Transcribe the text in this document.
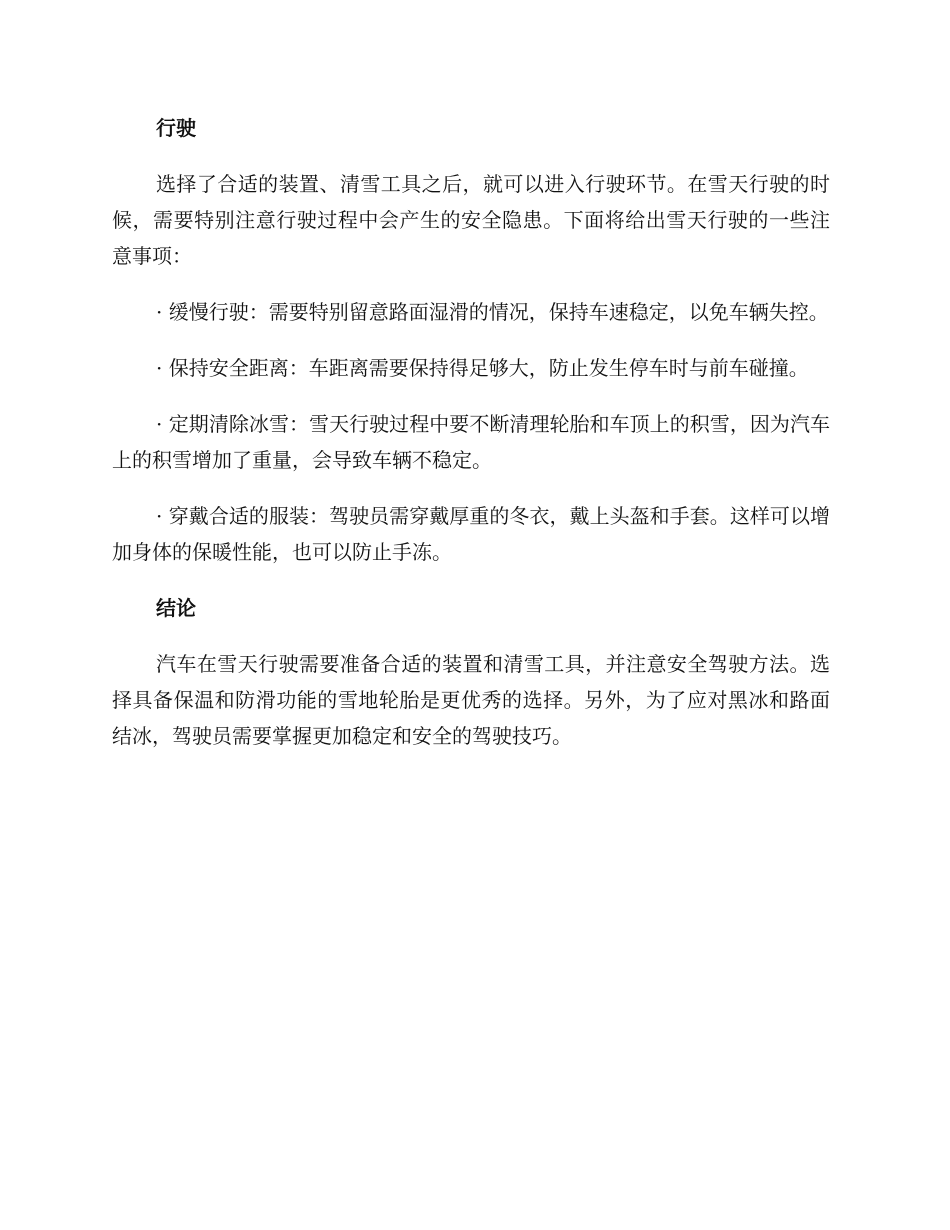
行驶

选择了合适的装置、清雪工具之后，就可以进入行驶环节。在雪天行驶的时候，需要特别注意行驶过程中会产生的安全隐患。下面将给出雪天行驶的一些注意事项：

· 缓慢行驶：需要特别留意路面湿滑的情况，保持车速稳定，以免车辆失控。

· 保持安全距离：车距离需要保持得足够大，防止发生停车时与前车碰撞。

· 定期清除冰雪：雪天行驶过程中要不断清理轮胎和车顶上的积雪，因为汽车上的积雪增加了重量，会导致车辆不稳定。

· 穿戴合适的服装：驾驶员需穿戴厚重的冬衣，戴上头盔和手套。这样可以增加身体的保暖性能，也可以防止手冻。

结论

汽车在雪天行驶需要准备合适的装置和清雪工具，并注意安全驾驶方法。选择具备保温和防滑功能的雪地轮胎是更优秀的选择。另外，为了应对黑冰和路面结冰，驾驶员需要掌握更加稳定和安全的驾驶技巧。
